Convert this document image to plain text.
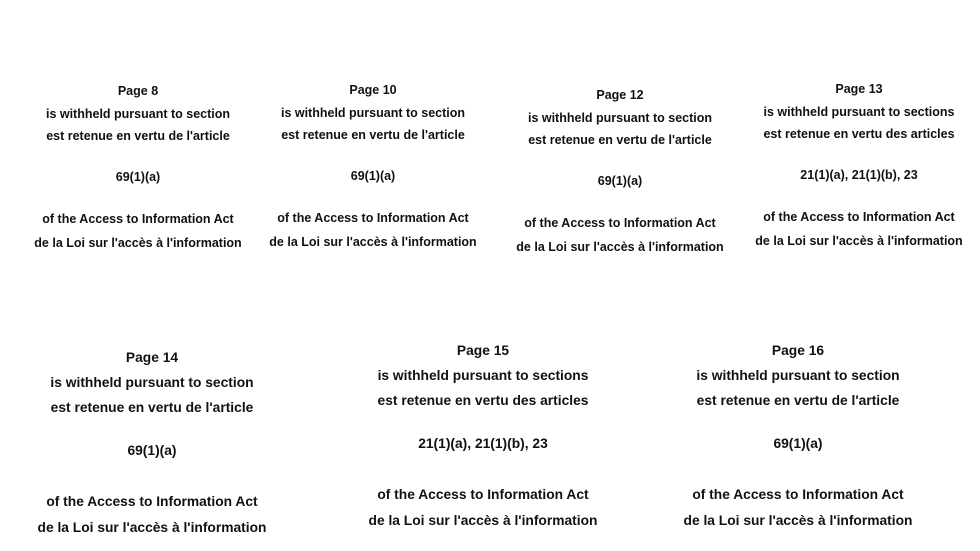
Page 8
is withheld pursuant to section
est retenue en vertu de l'article
69(1)(a)
of the Access to Information Act
de la Loi sur l'accès à l'information
Page 10
is withheld pursuant to section
est retenue en vertu de l'article
69(1)(a)
of the Access to Information Act
de la Loi sur l'accès à l'information
Page 12
is withheld pursuant to section
est retenue en vertu de l'article
69(1)(a)
of the Access to Information Act
de la Loi sur l'accès à l'information
Page 13
is withheld pursuant to sections
est retenue en vertu des articles
21(1)(a), 21(1)(b), 23
of the Access to Information Act
de la Loi sur l'accès à l'information
Page 14
is withheld pursuant to section
est retenue en vertu de l'article
69(1)(a)
of the Access to Information Act
de la Loi sur l'accès à l'information
Page 15
is withheld pursuant to sections
est retenue en vertu des articles
21(1)(a), 21(1)(b), 23
of the Access to Information Act
de la Loi sur l'accès à l'information
Page 16
is withheld pursuant to section
est retenue en vertu de l'article
69(1)(a)
of the Access to Information Act
de la Loi sur l'accès à l'information
